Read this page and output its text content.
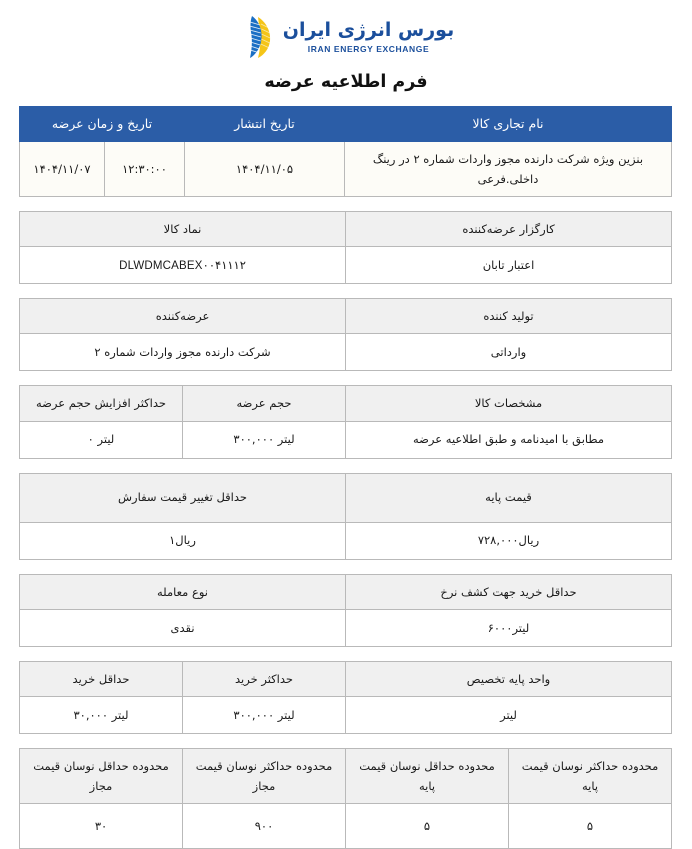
بورس انرژی ایران
IRAN ENERGY EXCHANGE
فرم اطلاعیه عرضه
نام تجاری کالا	تاریخ انتشار	تاریخ و زمان عرضه	
بنزین ویژه شرکت دارنده مجوز واردات شماره ۲ در رینگ داخلی.فرعی	۱۴۰۴/۱۱/۰۵	۱۲:۳۰:۰۰	۱۴۰۴/۱۱/۰۷
کارگزار عرضه‌کننده	نماد کالا
اعتبار تابان	DLWDMCABEX۰۰۴۱۱۱۲
تولید کننده	عرضه‌کننده
وارداتی	شرکت دارنده مجوز واردات شماره ۲
مشخصات کالا	حجم عرضه	حداکثر افزایش حجم عرضه
مطابق با امیدنامه و طبق اطلاعیه عرضه	لیتر ۳۰۰,۰۰۰	لیتر ۰
قیمت پایه	حداقل تغییر قیمت سفارش
ریال۷۲۸,۰۰۰	ریال۱
حداقل خرید جهت کشف نرخ	نوع معامله
لیتر۶۰۰۰	نقدی
واحد پایه تخصیص	حداکثر خرید	حداقل خرید
لیتر	لیتر ۳۰۰,۰۰۰	لیتر ۳۰,۰۰۰
محدوده حداکثر نوسان قیمت پایه	محدوده حداقل نوسان قیمت پایه	محدوده حداکثر نوسان قیمت مجاز	محدوده حداقل نوسان قیمت مجاز
۵	۵	۹۰۰	۳۰
